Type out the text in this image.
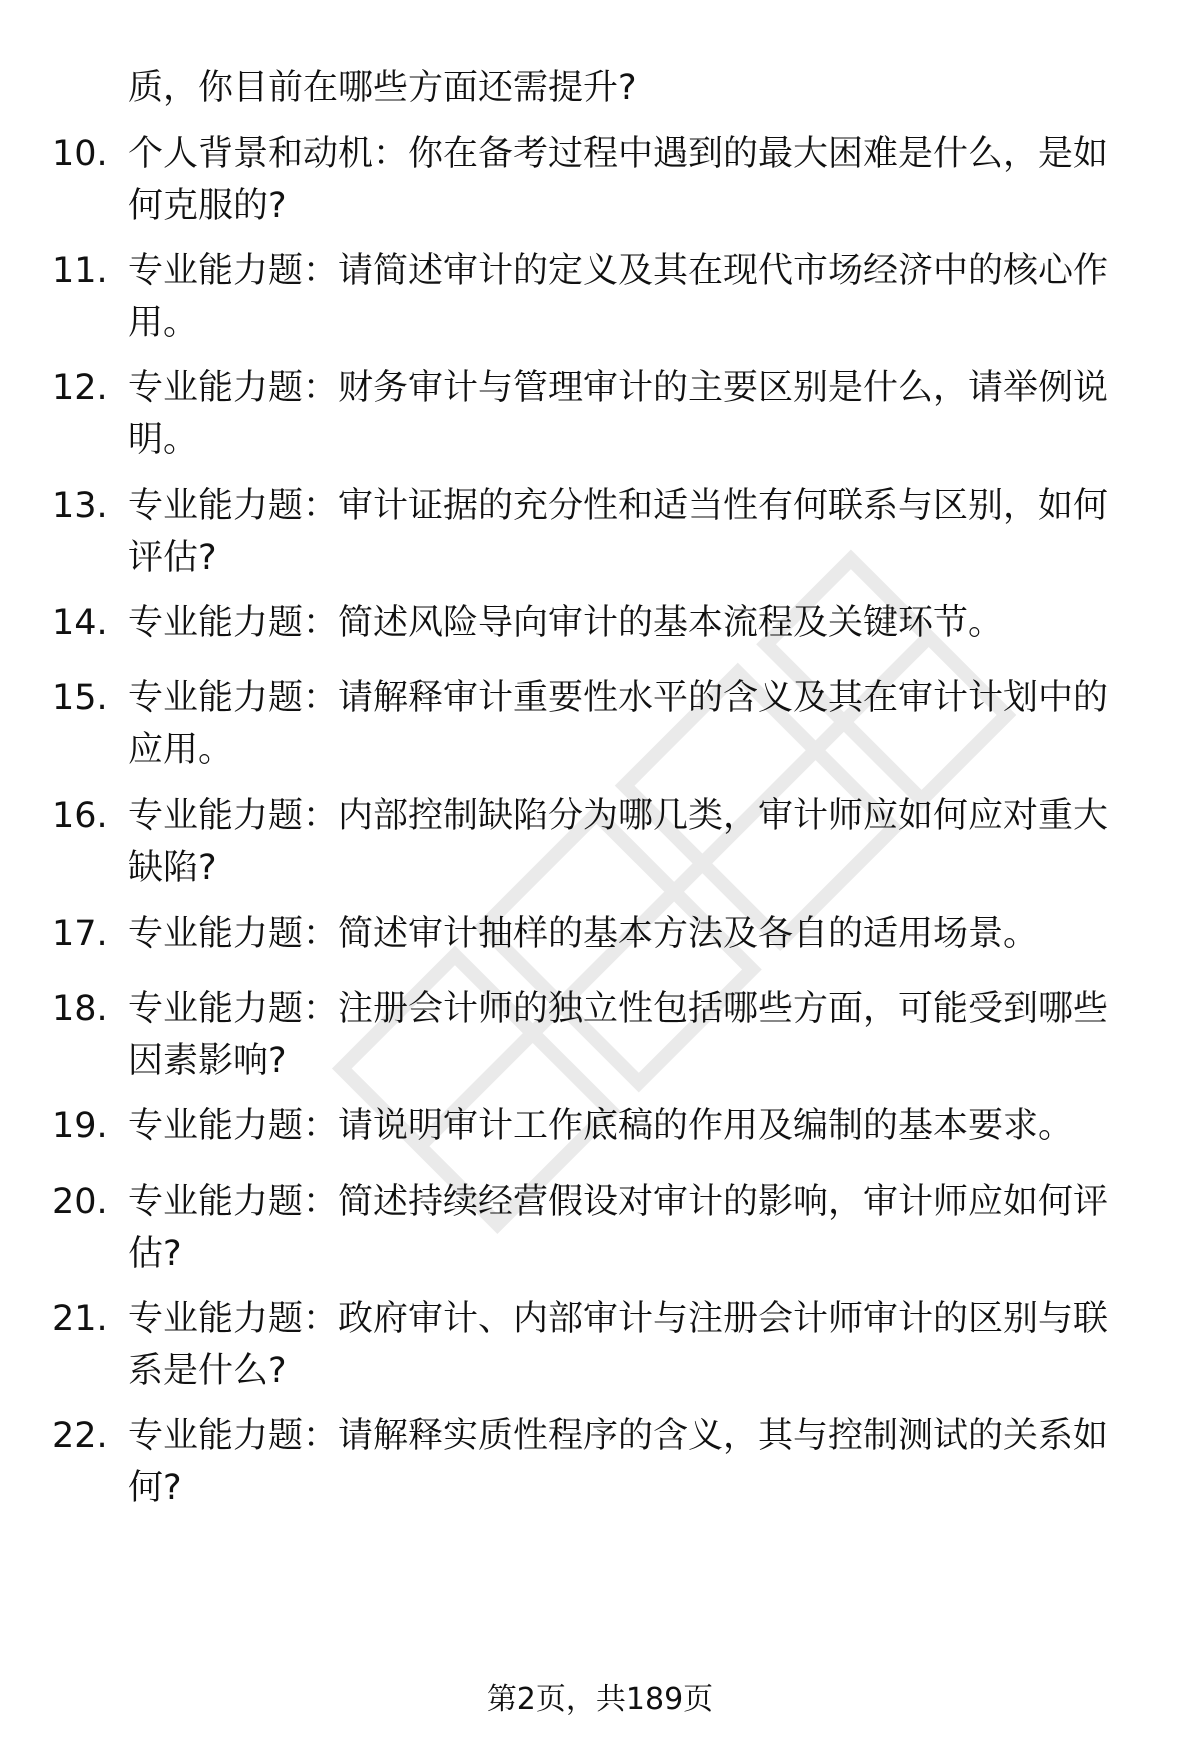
质，你目前在哪些方面还需提升?
10. 个人背景和动机：你在备考过程中遇到的最大困难是什么，是如何克服的?
11. 专业能力题：请简述审计的定义及其在现代市场经济中的核心作用。
12. 专业能力题：财务审计与管理审计的主要区别是什么，请举例说明。
13. 专业能力题：审计证据的充分性和适当性有何联系与区别，如何评估?
14. 专业能力题：简述风险导向审计的基本流程及关键环节。
15. 专业能力题：请解释审计重要性水平的含义及其在审计计划中的应用。
16. 专业能力题：内部控制缺陷分为哪几类，审计师应如何应对重大缺陷?
17. 专业能力题：简述审计抽样的基本方法及各自的适用场景。
18. 专业能力题：注册会计师的独立性包括哪些方面，可能受到哪些因素影响?
19. 专业能力题：请说明审计工作底稿的作用及编制的基本要求。
20. 专业能力题：简述持续经营假设对审计的影响，审计师应如何评估?
21. 专业能力题：政府审计、内部审计与注册会计师审计的区别与联系是什么?
22. 专业能力题：请解释实质性程序的含义，其与控制测试的关系如何?
第2页，共189页
